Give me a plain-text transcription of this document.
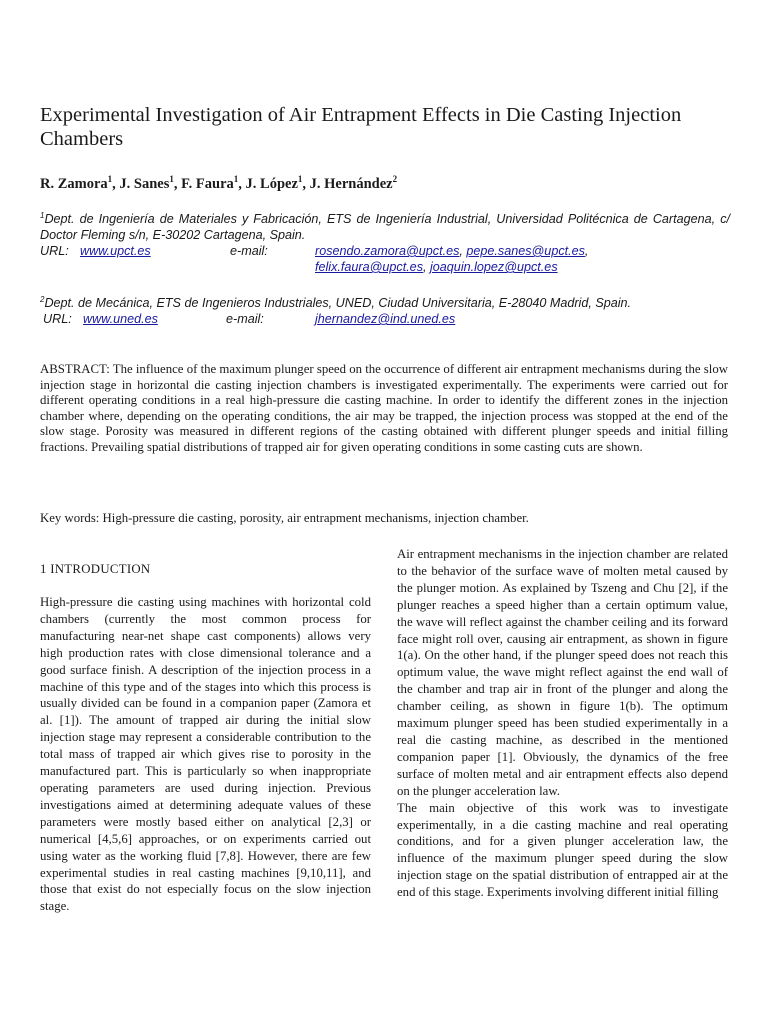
Experimental Investigation of Air Entrapment Effects in Die Casting Injection Chambers
R. Zamora$^1$, J. Sanes$^1$, F. Faura$^1$, J. López$^1$, J. Hernández$^2$

$^1$Dept. de Ingeniería de Materiales y Fabricación, ETS de Ingeniería Industrial, Universidad Politécnica de Cartagena, c/ Doctor Fleming s/n, E-30202 Cartagena, Spain.

URL: www.upct.es	e-mail:	rosendo.zamora@upct.es, pepe.sanes@upct.es,
felix.faura@upct.es, joaquin.lopez@upct.es

$^2$Dept. de Mecánica, ETS de Ingenieros Industriales, UNED, Ciudad Universitaria, E-28040 Madrid, Spain.

URL: www.uned.es	e-mail:	jhernandez@ind.uned.es

ABSTRACT: The influence of the maximum plunger speed on the occurrence of different air entrapment mechanisms during the slow injection stage in horizontal die casting injection chambers is investigated experimentally. The experiments were carried out for different operating conditions in a real high-pressure die casting machine. In order to identify the different zones in the injection chamber where, depending on the operating conditions, the air may be trapped, the injection process was stopped at the end of the slow stage. Porosity was measured in different regions of the casting obtained with different plunger speeds and initial filling fractions. Prevailing spatial distributions of trapped air for given operating conditions in some casting cuts are shown.

Key words: High-pressure die casting, porosity, air entrapment mechanisms, injection chamber.

1 INTRODUCTION

High-pressure die casting using machines with horizontal cold chambers (currently the most common process for manufacturing near-net shape cast components) allows very high production rates with close dimensional tolerance and a good surface finish. A description of the injection process in a machine of this type and of the stages into which this process is usually divided can be found in a companion paper (Zamora et al. [1]). The amount of trapped air during the initial slow injection stage may represent a considerable contribution to the total mass of trapped air which gives rise to porosity in the manufactured part. This is particularly so when inappropriate operating parameters are used during injection. Previous investigations aimed at determining adequate values of these parameters were mostly based either on analytical [2,3] or numerical [4,5,6] approaches, or on experiments carried out using water as the working fluid [7,8]. However, there are few experimental studies in real casting machines [9,10,11], and those that exist do not especially focus on the slow injection stage.

Air entrapment mechanisms in the injection chamber are related to the behavior of the surface wave of molten metal caused by the plunger motion. As explained by Tszeng and Chu [2], if the plunger reaches a speed higher than a certain optimum value, the wave will reflect against the chamber ceiling and its forward face might roll over, causing air entrapment, as shown in figure 1(a). On the other hand, if the plunger speed does not reach this optimum value, the wave might reflect against the end wall of the chamber and trap air in front of the plunger and along the chamber ceiling, as shown in figure 1(b). The optimum maximum plunger speed has been studied experimentally in a real die casting machine, as described in the mentioned companion paper [1]. Obviously, the dynamics of the free surface of molten metal and air entrapment effects also depend on the plunger acceleration law.

The main objective of this work was to investigate experimentally, in a die casting machine and real operating conditions, and for a given plunger acceleration law, the influence of the maximum plunger speed during the slow injection stage on the spatial distribution of entrapped air at the end of this stage. Experiments involving different initial filling
